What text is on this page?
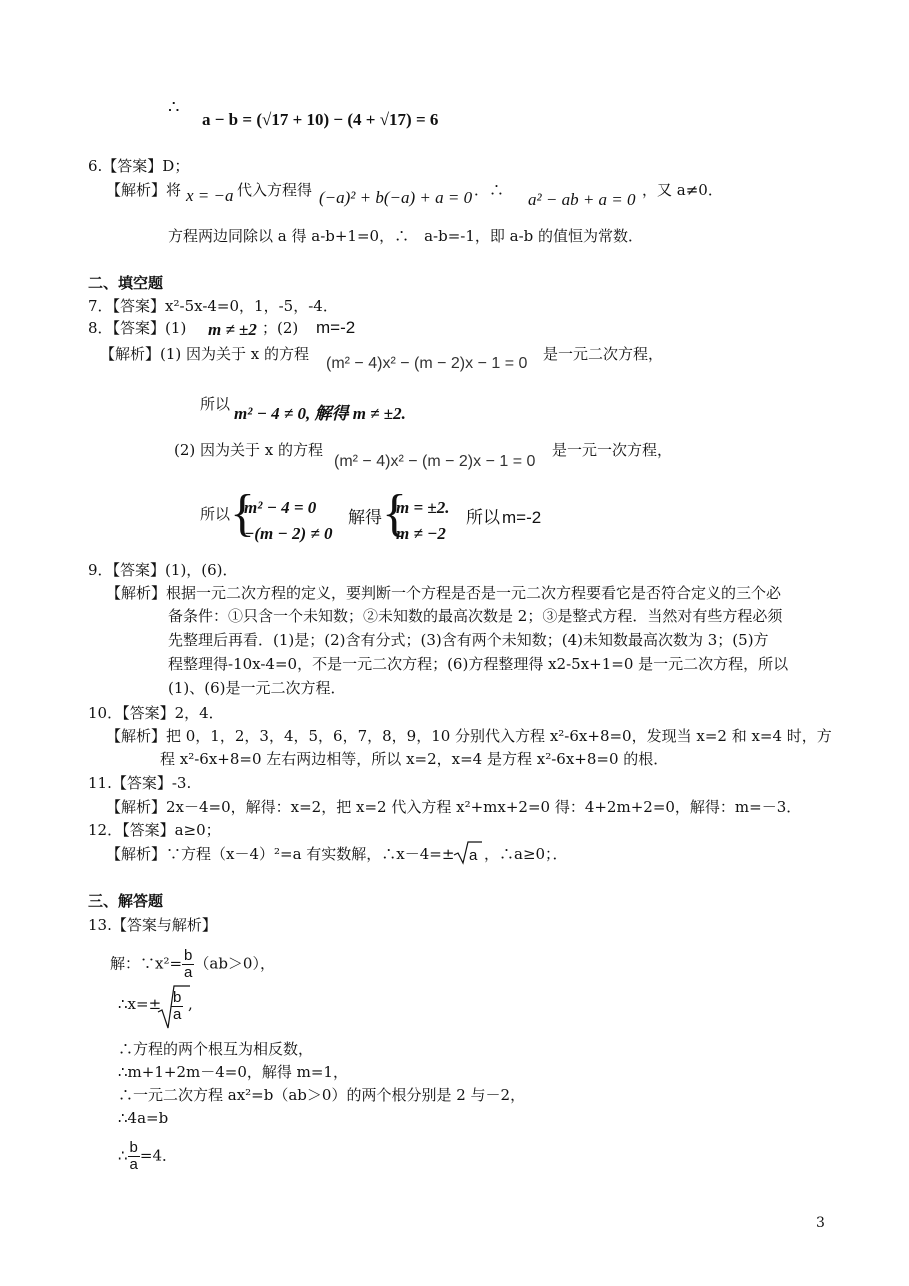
∴
a − b = (√17 + 10) − (4 + √17) = 6
6.【答案】D；
【解析】将 x = −a 代入方程得 (−a)² + b(−a) + a = 0 ．∴ a² − ab + a = 0 ，又 a≠0．
方程两边同除以 a 得 a-b+1=0，∴　a-b=-1，即 a-b 的值恒为常数．
二、填空题
7．【答案】x²-5x-4=0，1，-5，-4．
8．【答案】(1) m ≠ ±2 ；(2) m=-2
【解析】(1) 因为关于 x 的方程
(m² − 4)x² − (m − 2)x − 1 = 0
是一元二次方程，
所以 m² − 4 ≠ 0, 解得 m ≠ ±2.
(2) 因为关于 x 的方程
(m² − 4)x² − (m − 2)x − 1 = 0
是一元一次方程，
所以 {
m² − 4 = 0
−(m − 2) ≠ 0
解得 {
m = ±2.
m ≠ −2
所以 m=-2
9．【答案】(1)，(6)．
【解析】根据一元二次方程的定义，要判断一个方程是否是一元二次方程要看它是否符合定义的三个必
备条件：①只含一个未知数；②未知数的最高次数是 2；③是整式方程．当然对有些方程必须
先整理后再看．(1)是；(2)含有分式；(3)含有两个未知数；(4)未知数最高次数为 3；(5)方
程整理得-10x-4=0，不是一元二次方程；(6)方程整理得 x2-5x+1=0 是一元二次方程，所以
(1)、(6)是一元二次方程．
10．【答案】2，4．
【解析】把 0，1，2，3，4，5，6，7，8，9，10 分别代入方程 x²-6x+8=0，发现当 x=2 和 x=4 时，方
程 x²-6x+8=0 左右两边相等，所以 x=2，x=4 是方程 x²-6x+8=0 的根．
11.【答案】-3.
【解析】2x－4=0，解得：x=2，把 x=2 代入方程 x²+mx+2=0 得：4+2m+2=0，解得：m=－3．
12．【答案】a≥0；
【解析】∵方程（x－4）²=a 有实数解，∴x－4=± a ，∴a≥0；．
三、解答题
13.【答案与解析】
解：∵x²= $\frac{b}{a} (ab>0)$，
∴x=± $\frac{b}{a}$ ,
∴方程的两个根互为相反数，
∴m+1+2m－4=0，解得 m=1，
∴一元二次方程 ax²=b（ab＞0）的两个根分别是 2 与－2，
∴4a=b
∴ $\frac{b}{a} =4$．
3
